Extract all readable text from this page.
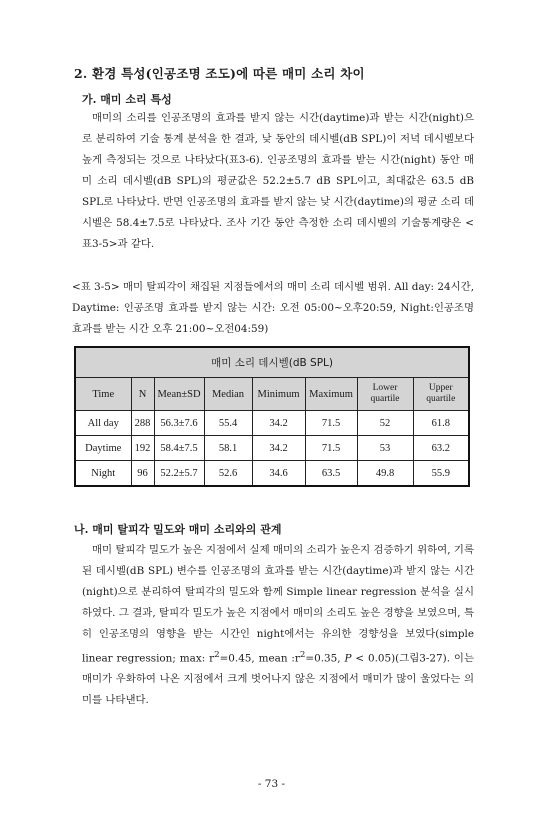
2. 환경 특성(인공조명 조도)에 따른 매미 소리 차이
가. 매미 소리 특성
매미의 소리를 인공조명의 효과를 받지 않는 시간(daytime)과 받는 시간(night)으로 분리하여 기술 통계 분석을 한 결과, 낮 동안의 데시벨(dB SPL)이 저녁 데시벨보다 높게 측정되는 것으로 나타났다(표3-6). 인공조명의 효과를 받는 시간(night) 동안 매미 소리 데시벨(dB SPL)의 평균값은 52.2±5.7 dB SPL이고, 최대값은 63.5 dB SPL로 나타났다. 반면 인공조명의 효과를 받지 않는 낮 시간(daytime)의 평균 소리 데시벨은 58.4±7.5로 나타났다. 조사 기간 동안 측정한 소리 데시벨의 기술통계량은 <표3-5>과 같다.
<표 3-5> 매미 탈피각이 채집된 지점들에서의 매미 소리 데시벨 범위. All day: 24시간, Daytime: 인공조명 효과를 받지 않는 시간: 오전 05:00~오후20:59, Night:인공조명 효과를 받는 시간 오후 21:00~오전04:59)
매미 소리 데시벨(dB SPL)							
Time	N	Mean±SD	Median	Minimum	Maximum	Lower quartile	Upper quartile
All day	288	56.3±7.6	55.4	34.2	71.5	52	61.8
Daytime	192	58.4±7.5	58.1	34.2	71.5	53	63.2
Night	96	52.2±5.7	52.6	34.6	63.5	49.8	55.9
나. 매미 탈피각 밀도와 매미 소리와의 관계
매미 탈피각 밀도가 높은 지점에서 실제 매미의 소리가 높은지 검증하기 위하여, 기록된 데시벨(dB SPL) 변수를 인공조명의 효과를 받는 시간(daytime)과 받지 않는 시간(night)으로 분리하여 탈피각의 밀도와 함께 Simple linear regression 분석을 실시하였다. 그 결과, 탈피각 밀도가 높은 지점에서 매미의 소리도 높은 경향을 보였으며, 특히 인공조명의 영향을 받는 시간인 night에서는 유의한 경향성을 보였다(simple linear regression; max: $r^2=0.45$, mean $:r^2=0.35$, P < 0.05)(그림3-27). 이는 매미가 우화하여 나온 지점에서 크게 벗어나지 않은 지점에서 매미가 많이 울었다는 의미를 나타낸다.
- 73 -
